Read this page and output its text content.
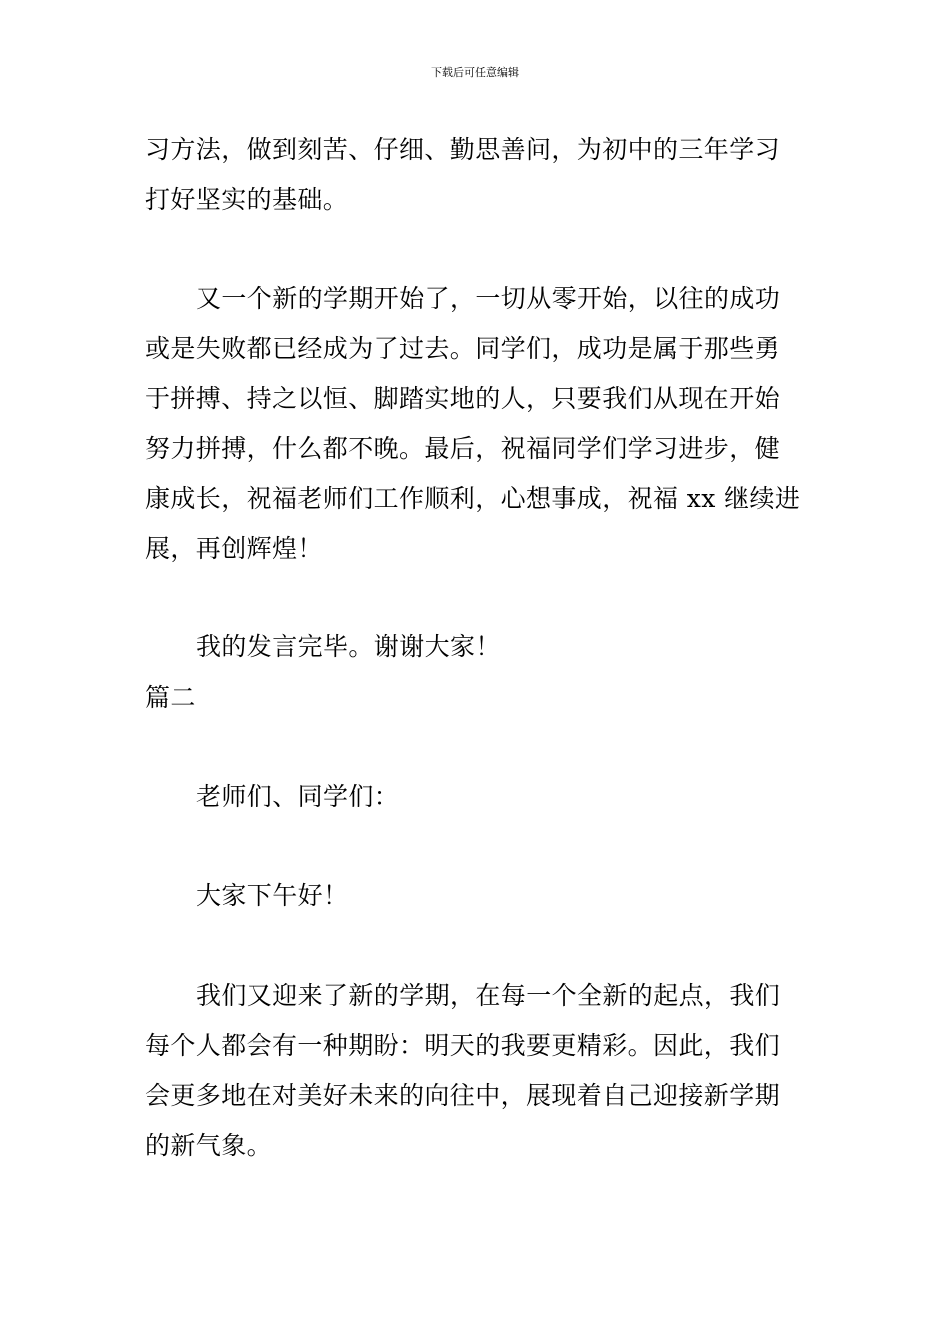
下载后可任意编辑
习方法，做到刻苦、仔细、勤思善问，为初中的三年学习
打好坚实的基础。
又一个新的学期开始了，一切从零开始，以往的成功
或是失败都已经成为了过去。同学们，成功是属于那些勇
于拼搏、持之以恒、脚踏实地的人，只要我们从现在开始
努力拼搏，什么都不晚。最后，祝福同学们学习进步，健
康成长，祝福老师们工作顺利，心想事成，祝福 xx 继续进
展，再创辉煌！
我的发言完毕。谢谢大家！
篇二
老师们、同学们：
大家下午好！
我们又迎来了新的学期，在每一个全新的起点，我们
每个人都会有一种期盼：明天的我要更精彩。因此，我们
会更多地在对美好未来的向往中，展现着自己迎接新学期
的新气象。
